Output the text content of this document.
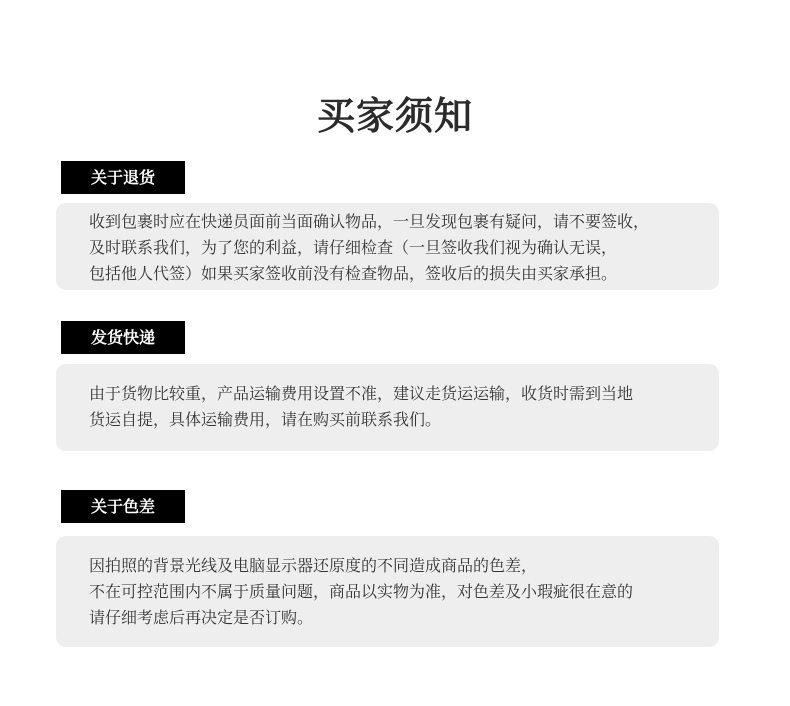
买家须知
关于退货
收到包裹时应在快递员面前当面确认物品，一旦发现包裹有疑问，请不要签收，
及时联系我们，为了您的利益，请仔细检查（一旦签收我们视为确认无误，
包括他人代签）如果买家签收前没有检查物品，签收后的损失由买家承担。
发货快递
由于货物比较重，产品运输费用设置不准，建议走货运运输，收货时需到当地
货运自提，具体运输费用，请在购买前联系我们。
关于色差
因拍照的背景光线及电脑显示器还原度的不同造成商品的色差，
不在可控范围内不属于质量问题，商品以实物为准，对色差及小瑕疵很在意的
请仔细考虑后再决定是否订购。
